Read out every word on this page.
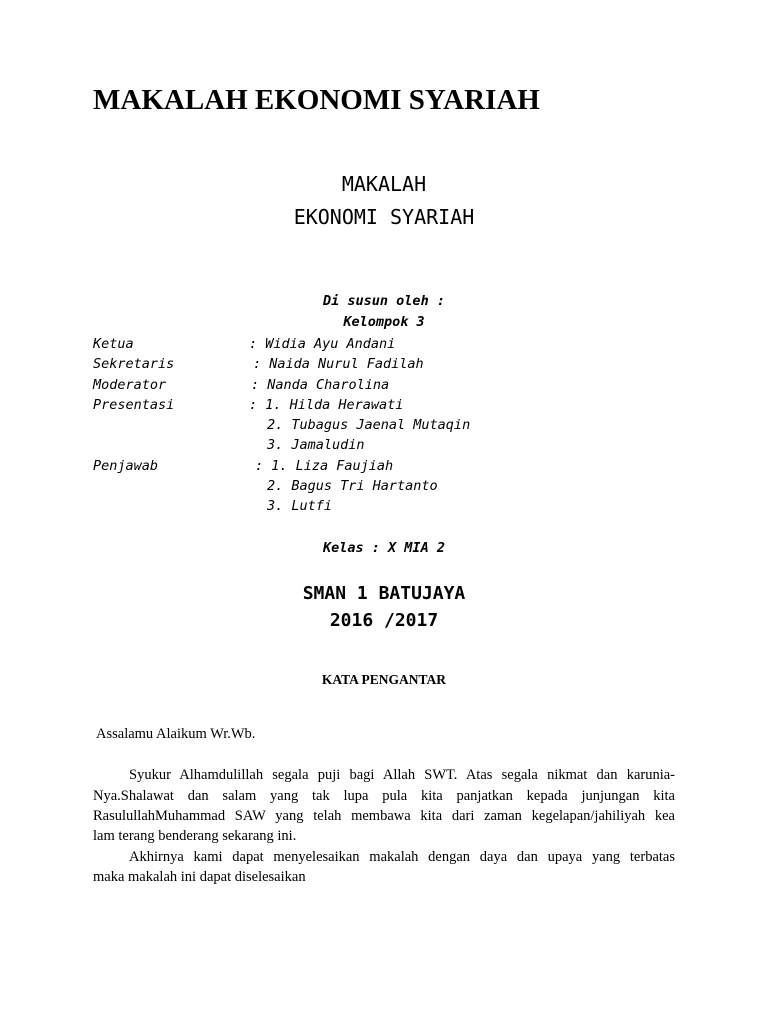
MAKALAH EKONOMI SYARIAH
MAKALAH
EKONOMI SYARIAH
Di susun oleh :
Kelompok 3
Ketua	: Widia Ayu Andani
Sekretaris	: Naida Nurul Fadilah
Moderator	: Nanda Charolina
Presentasi	: 1. Hilda Herawati
2. Tubagus Jaenal Mutaqin
3. Jamaludin
Penjawab	: 1. Liza Faujiah
2. Bagus Tri Hartanto
3. Lutfi
Kelas : X MIA 2
SMAN 1 BATUJAYA
2016 /2017
KATA PENGANTAR
Assalamu Alaikum Wr.Wb.
Syukur Alhamdulillah segala puji bagi Allah SWT. Atas segala nikmat dan karunia-
Nya.Shalawat dan salam yang tak lupa pula kita panjatkan kepada junjungan kita
RasulullahMuhammad SAW yang telah membawa kita dari zaman kegelapan/jahiliyah kea
lam terang benderang sekarang ini.
Akhirnya kami dapat menyelesaikan makalah dengan daya dan upaya yang terbatas
maka makalah ini dapat diselesaikan
